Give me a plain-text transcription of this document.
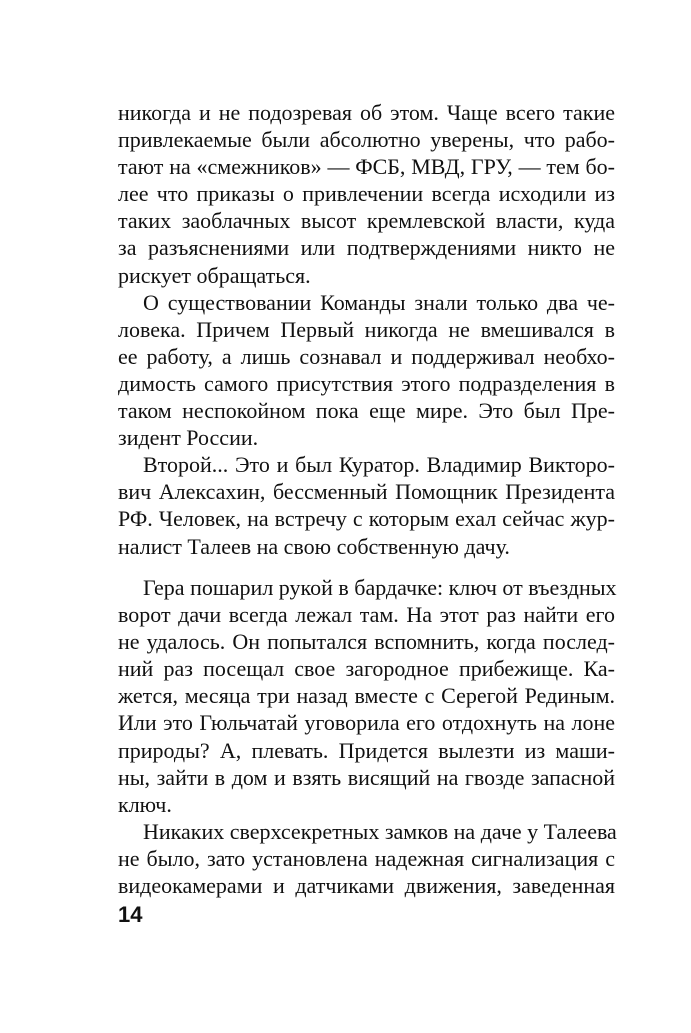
никогда и не подозревая об этом. Чаще всего такие
привлекаемые были абсолютно уверены, что рабо-
тают на «смежников» — ФСБ, МВД, ГРУ, — тем бо-
лее что приказы о привлечении всегда исходили из
таких заоблачных высот кремлевской власти, куда
за разъяснениями или подтверждениями никто не
рискует обращаться.
О существовании Команды знали только два че-
ловека. Причем Первый никогда не вмешивался в
ее работу, а лишь сознавал и поддерживал необхо-
димость самого присутствия этого подразделения в
таком неспокойном пока еще мире. Это был Пре-
зидент России.
Второй... Это и был Куратор. Владимир Викторо-
вич Алексахин, бессменный Помощник Президента
РФ. Человек, на встречу с которым ехал сейчас жур-
налист Талеев на свою собственную дачу.
Гера пошарил рукой в бардачке: ключ от въездных
ворот дачи всегда лежал там. На этот раз найти его
не удалось. Он попытался вспомнить, когда послед-
ний раз посещал свое загородное прибежище. Ка-
жется, месяца три назад вместе с Серегой Рединым.
Или это Гюльчатай уговорила его отдохнуть на лоне
природы? А, плевать. Придется вылезти из маши-
ны, зайти в дом и взять висящий на гвозде запасной
ключ.
Никаких сверхсекретных замков на даче у Талеева
не было, зато установлена надежная сигнализация с
видеокамерами и датчиками движения, заведенная
14
